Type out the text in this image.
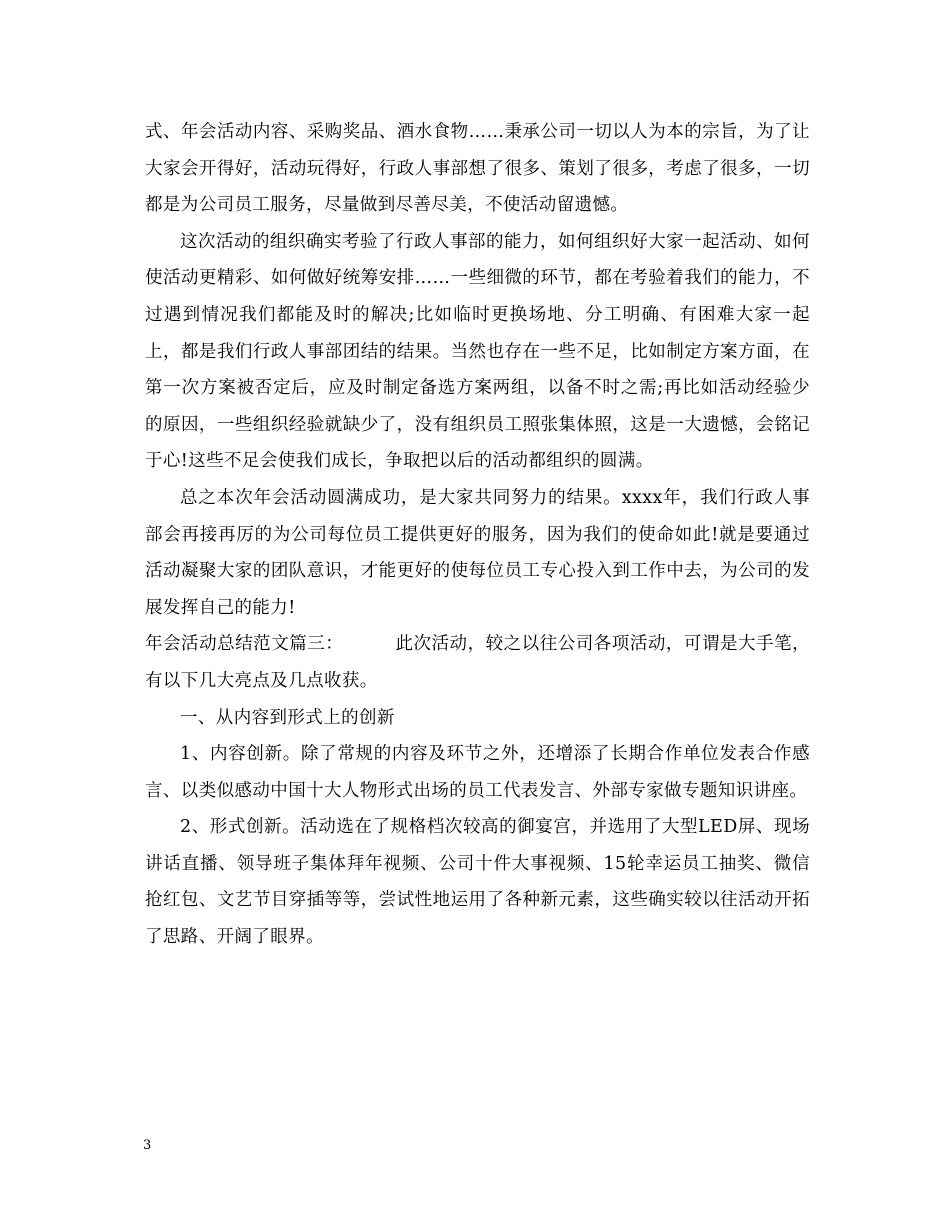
式、年会活动内容、采购奖品、酒水食物……秉承公司一切以人为本的宗旨，为了让大家会开得好，活动玩得好，行政人事部想了很多、策划了很多，考虑了很多，一切都是为公司员工服务，尽量做到尽善尽美，不使活动留遗憾。

这次活动的组织确实考验了行政人事部的能力，如何组织好大家一起活动、如何使活动更精彩、如何做好统筹安排……一些细微的环节，都在考验着我们的能力，不过遇到情况我们都能及时的解决;比如临时更换场地、分工明确、有困难大家一起上，都是我们行政人事部团结的结果。当然也存在一些不足，比如制定方案方面，在第一次方案被否定后，应及时制定备选方案两组，以备不时之需;再比如活动经验少的原因，一些组织经验就缺少了，没有组织员工照张集体照，这是一大遗憾，会铭记于心!这些不足会使我们成长，争取把以后的活动都组织的圆满。

总之本次年会活动圆满成功，是大家共同努力的结果。xxxx年，我们行政人事部会再接再厉的为公司每位员工提供更好的服务，因为我们的使命如此!就是要通过活动凝聚大家的团队意识，才能更好的使每位员工专心投入到工作中去，为公司的发展发挥自己的能力!

年会活动总结范文篇三：	此次活动，较之以往公司各项活动，可谓是大手笔，有以下几大亮点及几点收获。

一、从内容到形式上的创新

1、内容创新。除了常规的内容及环节之外，还增添了长期合作单位发表合作感言、以类似感动中国十大人物形式出场的员工代表发言、外部专家做专题知识讲座。

2、形式创新。活动选在了规格档次较高的御宴宫，并选用了大型LED屏、现场讲话直播、领导班子集体拜年视频、公司十件大事视频、15轮幸运员工抽奖、微信抢红包、文艺节目穿插等等，尝试性地运用了各种新元素，这些确实较以往活动开拓了思路、开阔了眼界。

3
